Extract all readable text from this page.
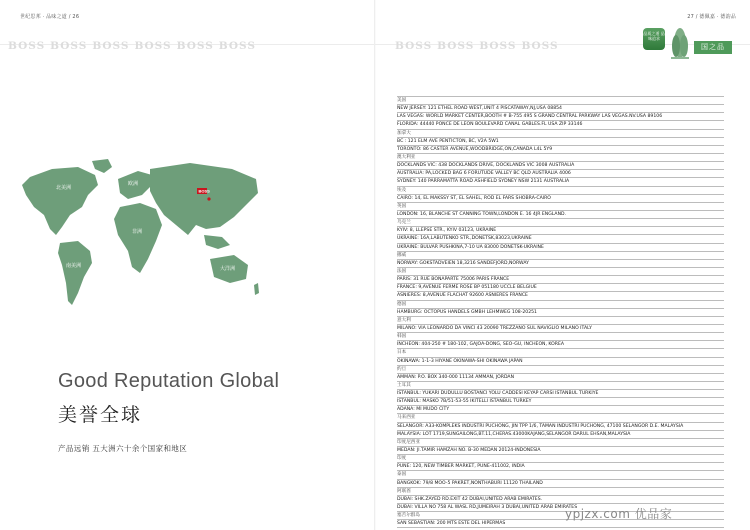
世纪思邦 · 品味之道 / 26
BOSS BOSS BOSS BOSS BOSS BOSS
BOSS
北美洲
欧洲
南美洲
非洲
大洋洲
Good Reputation Global
美誉全球
产品远销 五大洲六十余个国家和地区
27 / 德佩嘉 · 德韵品
BOSS BOSS BOSS BOSS
品质之道 品味追求
国之品
美国
NEW JERSEY: 121 ETHEL ROAD WEST,UNIT 4 PISCATAWAY,NJ,USA 08854
LAS VEGAS: WORLD MARKET CENTER,BOOTH # B-755 495 S GRAND CENTRAL PARKWAY LAS VEGAS.NV.USA 89106
FLORIDA: 44440 PONCE DE LEON BOULEVARD CANAL GABLES.FL USA ZIP 33146
加拿大
BC : 121 ELM AVE PENTICTON, BC, V2A 5W1
TORONTO: 86 CASTER AVENUE,WOODBRIDGE,ON,CANADA L4L 5Y9
澳大利亚
DOCKLANDS VIC: 438 DOCKLANDS DRIVE, DOCKLANDS VIC 3008 AUSTRALIA
AUSTRALIA: PA,LOCKED BAG 6 FORUTUDE VALLEY BC QLD AUSTRALIA 4006
SYDNEY: 140 PARRAMATTA ROAD ASHFIELD SYDNEY NSW 2131 AUSTRALIA
埃及
CAIRO: 14, EL MAKSSY ST, EL SAHEL, ROD EL FARS SHOBRA-CAIRO
英国
LONDON: 16, BLANCHE ST CANNING TOWN,LONDON E. 16 4JR ENGLAND.
乌克兰
KYIV: 8, LLEPSE STR., KYIV 03123, UKRAINE
UKRAINE: 16A,LABUTENKO STR.,DONETSK,83023,UKRAINE
UKRAINE: BULVAR PUSHKINA,7-10 UA 83000 DONETSK-UKRAINE
挪威
NORWAY: GOKSTADVEIEN 18,3216 SANDEFJORD,NORWAY
法国
PARIS: 31 RUE BONAPARTE 75006 PARIS FRANCE
FRANCE: 9,AVENUE FERME ROSE BP 051180 UCCLE BELGIUE
ASNIERES: 8,AVENUE FLACHAT 92600 ASNIERES FRANCE
德国
HAMBURG: OCTOPUS HANDELS GMBH LEHMWEG 108-20251
意大利
MILANO: VIA LEONARDO DA VINCI 43 20090 TREZZANO SUL NAVIGLIO MILANO ITALY
韩国
INCHEON: 404-250 # 180-102, GAJOA-DONG, SEO-GU, INCHEON, KOREA
日本
OKINAWA: 1-1-3 HIYANE OKINAWA-SHI OKINAWA JAPAN
约旦
AMMAN: P.O. BOX 340-000 11134 AMMAN, JORDAN
土耳其
ISTANBUL: YUKARI DUDULLU BOSTANCI YOLU CADDESI KEYAP CARSI ISTANBUL TURKIYE
ISTANBUL: MASKO 7B/51-53-55 IKITELLI ISTANBUL TURKEY
ADANA: MI MUDO CITY
马来西亚
SELANGOR: A33-KOMPLEKS INDUSTRI PUCHONG, JIN TPP 1/6, TAMAN INDUSTRI PUCHONG, 47100 SELANGOR D.E. MALAYSIA
MALAYSIA: LOT 1719,SUNGAILONG,BT.11,CHERAS.43000KAJANG,SELANGOR DARUL EHSAN,MALAYSIA
印度尼西亚
MEDAN: Jl.TAMIR HAMZAH NO. B-30 MEDAN 20124-INDONESIA
印度
PUNE: 120, NEW TIMBER MARKET, PUNE-411002, INDIA
泰国
BANGKOK: 79/8 MOO-5 PAKRET,NONTHABURI 11120 THAILAND
阿联酋
DUBAI: SHK.ZAYED RD.EXIT 42 DUBAI,UNITED ARAB EMIRATES.
DUBAI: VILLA NO 758 AL WASL RD,JUMEIRAH 3 DUBAI,UNITED ARAB EMIRATES
塞舌尔群岛
SAN SEBASTIAN: 200 MTS ESTE DEL HIPERMAS
ypjzx.com 优品家
